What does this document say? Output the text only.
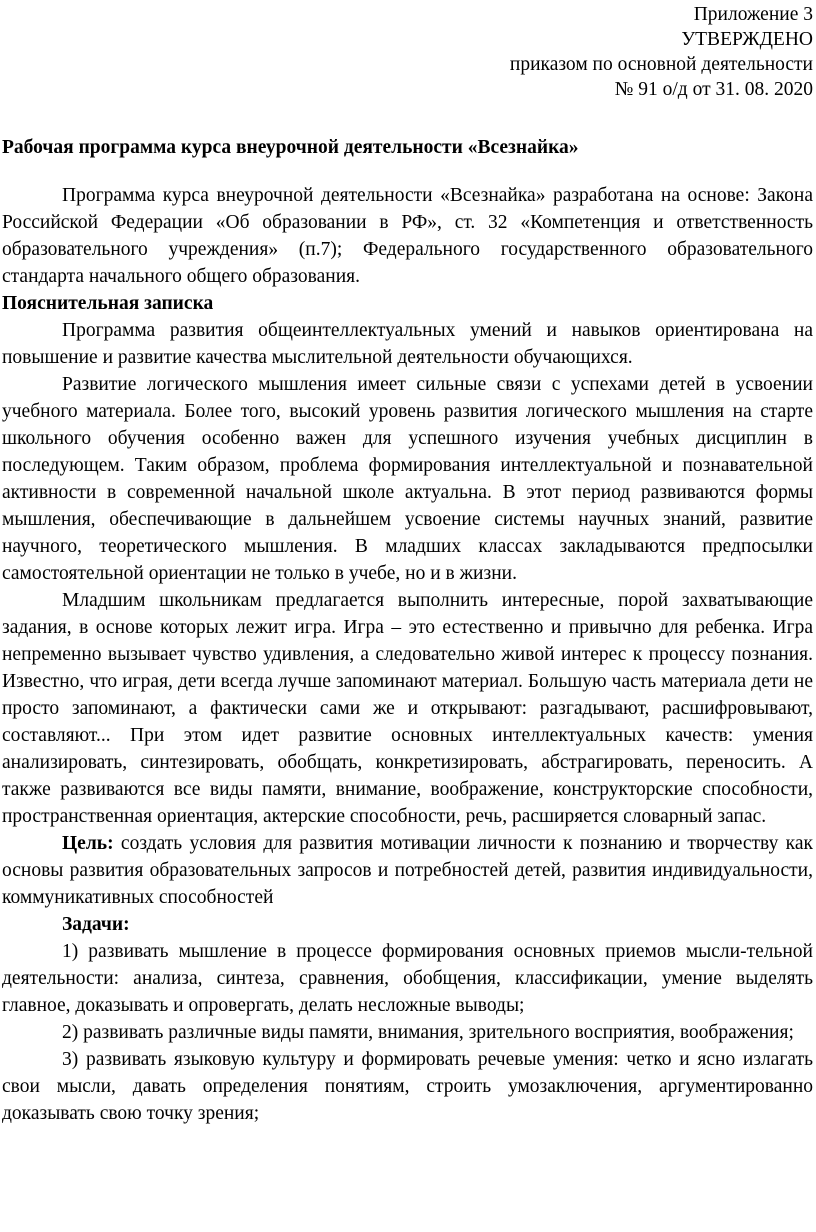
Приложение 3
УТВЕРЖДЕНО
приказом по основной деятельности
№ 91 о/д от 31. 08. 2020
Рабочая программа курса внеурочной деятельности «Всезнайка»

Программа курса внеурочной деятельности «Всезнайка» разработана на основе: Закона Российской Федерации «Об образовании в РФ», ст. 32 «Компетенция и ответственность образовательного учреждения» (п.7); Федерального государственного образовательного стандарта начального общего образования.

Пояснительная записка

Программа развития общеинтеллектуальных умений и навыков ориентирована на повышение и развитие качества мыслительной деятельности обучающихся.

Развитие логического мышления имеет сильные связи с успехами детей в усвоении учебного материала. Более того, высокий уровень развития логического мышления на старте школьного обучения особенно важен для успешного изучения учебных дисциплин в последующем. Таким образом, проблема формирования интеллектуальной и познавательной активности в современной начальной школе актуальна. В этот период развиваются формы мышления, обеспечивающие в дальнейшем усвоение системы научных знаний, развитие научного, теоретического мышления. В младших классах закладываются предпосылки самостоятельной ориентации не только в учебе, но и в жизни.

Младшим школьникам предлагается выполнить интересные, порой захватывающие задания, в основе которых лежит игра. Игра – это естественно и привычно для ребенка. Игра непременно вызывает чувство удивления, а следовательно живой интерес к процессу познания. Известно, что играя, дети всегда лучше запоминают материал. Большую часть материала дети не просто запоминают, а фактически сами же и открывают: разгадывают, расшифровывают, составляют... При этом идет развитие основных интеллектуальных качеств: умения анализировать, синтезировать, обобщать, конкретизировать, абстрагировать, переносить. А также развиваются все виды памяти, внимание, воображение, конструкторские способности, пространственная ориентация, актерские способности, речь, расширяется словарный запас.

Цель: создать условия для развития мотивации личности к познанию и творчеству как основы развития образовательных запросов и потребностей детей, развития индивидуальности, коммуникативных способностей

Задачи:

1) развивать мышление в процессе формирования основных приемов мысли-тельной деятельности: анализа, синтеза, сравнения, обобщения, классификации, умение выделять главное, доказывать и опровергать, делать несложные выводы;

2) развивать различные виды памяти, внимания, зрительного восприятия, воображения;

3) развивать языковую культуру и формировать речевые умения: четко и ясно излагать свои мысли, давать определения понятиям, строить умозаключения, аргументированно доказывать свою точку зрения;
